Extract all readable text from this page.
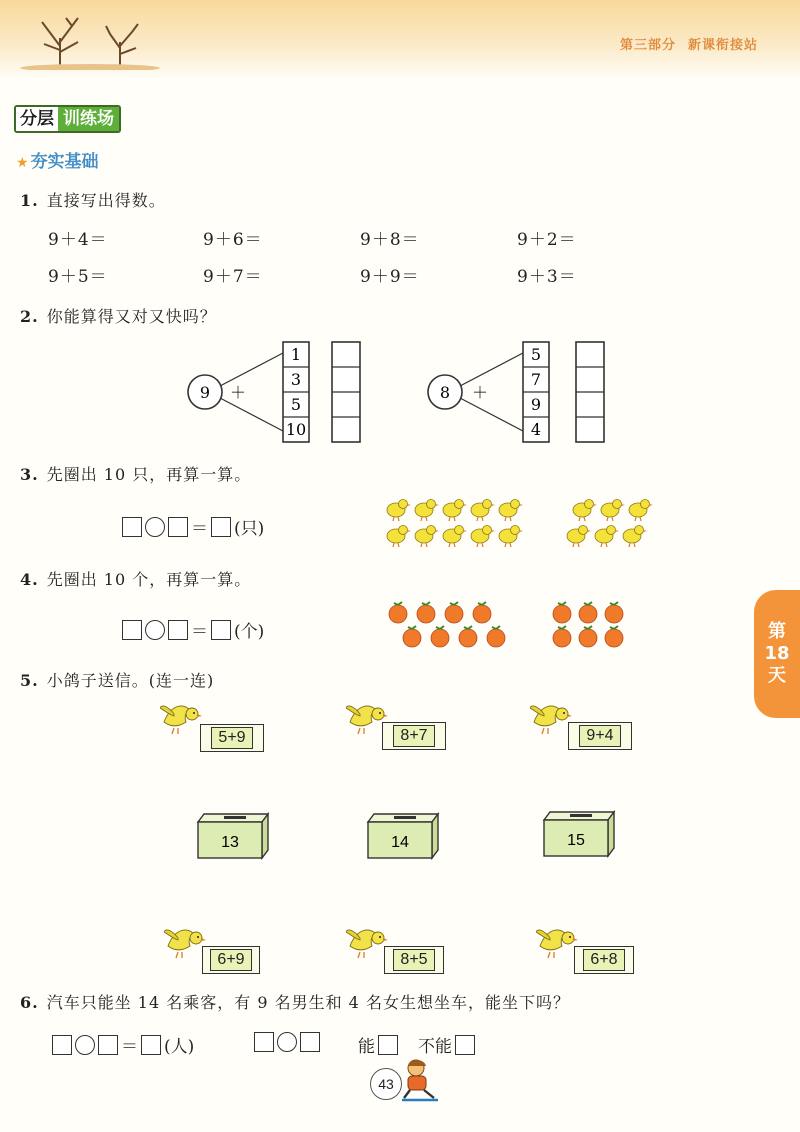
第三部分 新课衔接站
分层 训练场
★ 夯实基础
第
18
天
1. 直接写出得数。
9＋4＝	9＋6＝	9＋8＝	9＋2＝
9＋5＝	9＋7＝	9＋9＝	9＋3＝
2. 你能算得又对又快吗？
9 ＋
1
3
5
10
8 ＋
5
7
9
4
3. 先圈出 10 只，再算一算。
＝ (只)
4. 先圈出 10 个，再算一算。
＝ (个)
5. 小鸽子送信。(连一连)
5+9	8+7	9+4
13	14	15
6+9	8+5	6+8
6. 汽车只能坐 14 名乘客，有 9 名男生和 4 名女生想坐车，能坐下吗？
＝ (人)	能	不能
43
